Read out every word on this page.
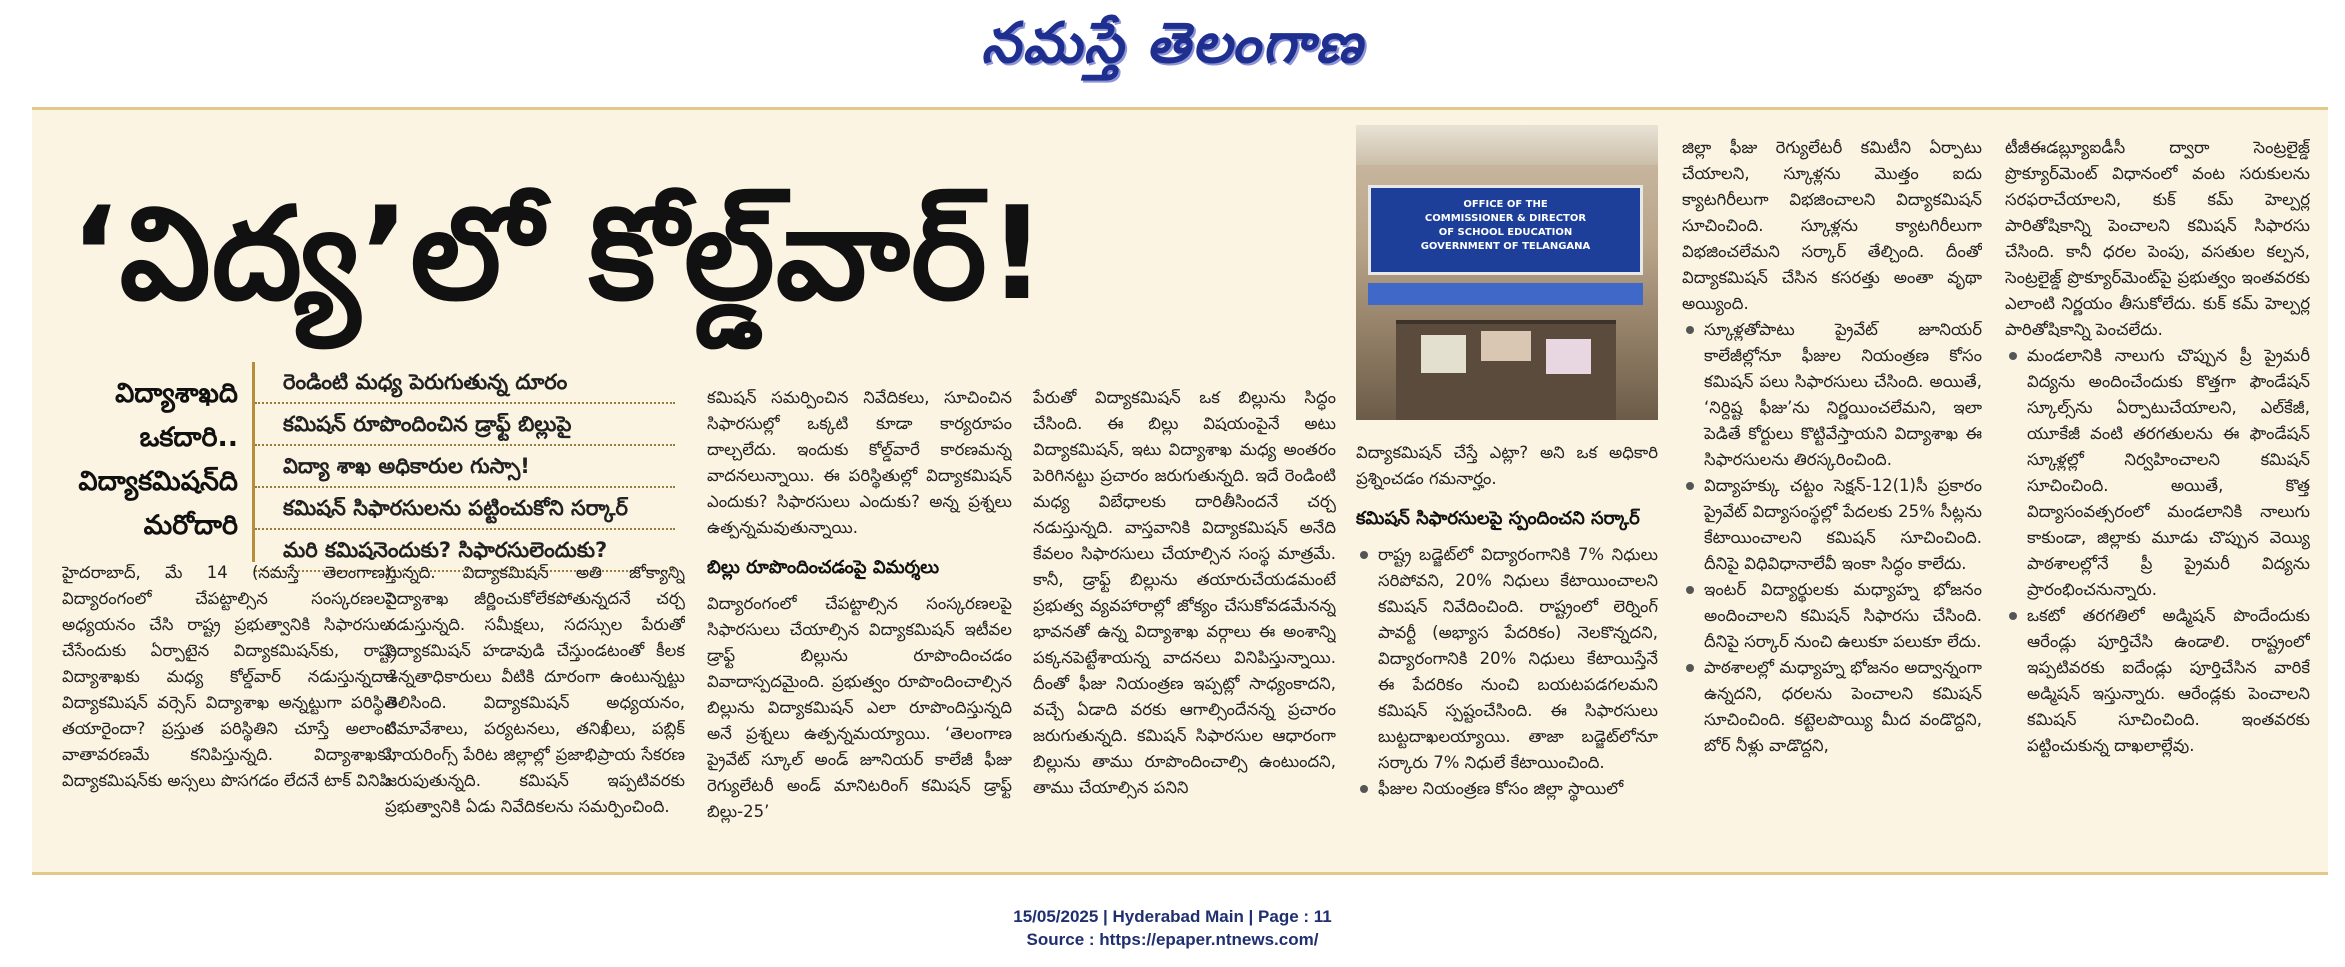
నమస్తే తెలంగాణ
‘విద్య’లో కోల్డ్‌వార్‌!
విద్యాశాఖది
ఒకదారి..
విద్యాకమిషన్‌ది
మరోదారి
రెండింటి మధ్య పెరుగుతున్న దూరం
కమిషన్‌ రూపొందించిన డ్రాఫ్ట్‌ బిల్లుపై
విద్యా శాఖ అధికారుల గుస్సా!
కమిషన్‌ సిఫారసులను పట్టించుకోని సర్కార్‌
మరి కమిషనెందుకు? సిఫారసులెందుకు?

హైదరాబాద్‌, మే 14 (నమస్తే తెలంగాణ): విద్యారంగంలో చేపట్టాల్సిన సంస్కరణలపై అధ్యయనం చేసి రాష్ట్ర ప్రభుత్వానికి సిఫారసులు చేసేందుకు ఏర్పాటైన విద్యాకమిషన్‌కు, రాష్ట్ర విద్యాశాఖకు మధ్య కోల్డ్‌వార్‌ నడుస్తున్నదా? విద్యాకమిషన్‌ వర్సెస్‌ విద్యాశాఖ అన్నట్టుగా పరిస్థితి తయారైందా? ప్రస్తుత పరిస్థితిని చూస్తే అలాంటి వాతావరణమే కనిపిస్తున్నది. విద్యాశాఖకు, విద్యాకమిషన్‌కు అస్సలు పొసగడం లేదనే టాక్‌ వినిపి

స్తున్నది. విద్యాకమిషన్‌ అతి జోక్యాన్ని విద్యాశాఖ జీర్ణించుకోలేకపోతున్నదనే చర్చ నడుస్తున్నది. సమీక్షలు, సదస్సుల పేరుతో విద్యాకమిషన్‌ హడావుడి చేస్తుండటంతో కీలక ఉన్నతాధికారులు వీటికి దూరంగా ఉంటున్నట్టు తెలిసింది. విద్యాకమిషన్‌ అధ్యయనం, సమావేశాలు, పర్యటనలు, తనిఖీలు, పబ్లిక్‌ హియరింగ్స్‌ పేరిట జిల్లాల్లో ప్రజాభిప్రాయ సేకరణ జరుపుతున్నది. కమిషన్‌ ఇప్పటివరకు ప్రభుత్వానికి ఏడు నివేదికలను సమర్పించింది.

కమిషన్‌ సమర్పించిన నివేదికలు, సూచించిన సిఫారసుల్లో ఒక్కటి కూడా కార్యరూపం దాల్చలేదు. ఇందుకు కోల్డ్‌వారే కారణమన్న వాదనలున్నాయి. ఈ పరిస్థితుల్లో విద్యాకమిషన్‌ ఎందుకు? సిఫారసులు ఎందుకు? అన్న ప్రశ్నలు ఉత్పన్నమవుతున్నాయి.

బిల్లు రూపొందించడంపై విమర్శలు

విద్యారంగంలో చేపట్టాల్సిన సంస్కరణలపై సిఫారసులు చేయాల్సిన విద్యాకమిషన్‌ ఇటీవల డ్రాఫ్ట్‌ బిల్లును రూపొందించడం వివాదాస్పదమైంది. ప్రభుత్వం రూపొందించాల్సిన బిల్లును విద్యాకమిషన్‌ ఎలా రూపొందిస్తున్నది అనే ప్రశ్నలు ఉత్పన్నమయ్యాయి. ‘తెలంగాణ ప్రైవేట్‌ స్కూల్‌ అండ్‌ జూనియర్‌ కాలేజీ ఫీజు రెగ్యులేటరీ అండ్‌ మానిటరింగ్‌ కమిషన్‌ డ్రాఫ్ట్‌ బిల్లు-25’

పేరుతో విద్యాకమిషన్‌ ఒక బిల్లును సిద్ధం చేసింది. ఈ బిల్లు విషయంపైనే అటు విద్యాకమిషన్‌, ఇటు విద్యాశాఖ మధ్య అంతరం పెరిగినట్టు ప్రచారం జరుగుతున్నది. ఇదే రెండింటి మధ్య విబేధాలకు దారితీసిందనే చర్చ నడుస్తున్నది. వాస్తవానికి విద్యాకమిషన్‌ అనేది కేవలం సిఫారసులు చేయాల్సిన సంస్థ మాత్రమే. కానీ, డ్రాఫ్ట్‌ బిల్లును తయారుచేయడమంటే ప్రభుత్వ వ్యవహారాల్లో జోక్యం చేసుకోవడమేనన్న భావనతో ఉన్న విద్యాశాఖ వర్గాలు ఈ అంశాన్ని పక్కనపెట్టేశాయన్న వాదనలు వినిపిస్తున్నాయి. దీంతో ఫీజు నియంత్రణ ఇప్పట్లో సాధ్యంకాదని, వచ్చే ఏడాది వరకు ఆగాల్సిందేనన్న ప్రచారం జరుగుతున్నది. కమిషన్‌ సిఫారసుల ఆధారంగా బిల్లును తాము రూపొందించాల్సి ఉంటుందని, తాము చేయాల్సిన పనిని

OFFICE OF THE
COMMISSIONER & DIRECTOR
OF SCHOOL EDUCATION
GOVERNMENT OF TELANGANA

విద్యాకమిషన్‌ చేస్తే ఎట్లా? అని ఒక అధికారి ప్రశ్నించడం గమనార్హం.

కమిషన్‌ సిఫారసులపై స్పందించని సర్కార్‌

రాష్ట్ర బడ్జెట్‌లో విద్యారంగానికి 7% నిధులు సరిపోవని, 20% నిధులు కేటాయించాలని కమిషన్‌ నివేదించింది. రాష్ట్రంలో లెర్నింగ్‌ పావర్టీ (అభ్యాస పేదరికం) నెలకొన్నదని, విద్యారంగానికి 20% నిధులు కేటాయిస్తేనే ఈ పేదరికం నుంచి బయటపడగలమని కమిషన్‌ స్పష్టంచేసింది. ఈ సిఫారసులు బుట్టదాఖలయ్యాయి. తాజా బడ్జెట్‌లోనూ సర్కారు 7% నిధులే కేటాయించింది.

ఫీజుల నియంత్రణ కోసం జిల్లా స్థాయిలో

జిల్లా ఫీజు రెగ్యులేటరీ కమిటీని ఏర్పాటు చేయాలని, స్కూళ్లను మొత్తం ఐదు క్యాటగిరీలుగా విభజించాలని విద్యాకమిషన్‌ సూచించింది. స్కూళ్లను క్యాటగిరీలుగా విభజించలేమని సర్కార్‌ తేల్చింది. దీంతో విద్యాకమిషన్‌ చేసిన కసరత్తు అంతా వృథా అయ్యింది.

స్కూళ్లతోపాటు ప్రైవేట్‌ జూనియర్‌ కాలేజీల్లోనూ ఫీజుల నియంత్రణ కోసం కమిషన్‌ పలు సిఫారసులు చేసింది. అయితే, ‘నిర్దిష్ట ఫీజు’ను నిర్ణయించలేమని, ఇలా పెడితే కోర్టులు కొట్టివేస్తాయని విద్యాశాఖ ఈ సిఫారసులను తిరస్కరించింది.

విద్యాహక్కు చట్టం సెక్షన్‌-12(1)సీ ప్రకారం ప్రైవేట్‌ విద్యాసంస్థల్లో పేదలకు 25% సీట్లను కేటాయించాలని కమిషన్‌ సూచించింది. దీనిపై విధివిధానాలేవీ ఇంకా సిద్ధం కాలేదు.

ఇంటర్‌ విద్యార్థులకు మధ్యాహ్న భోజనం అందించాలని కమిషన్‌ సిఫారసు చేసింది. దీనిపై సర్కార్‌ నుంచి ఉలుకూ పలుకూ లేదు.

పాఠశాలల్లో మధ్యాహ్న భోజనం అద్వాన్నంగా ఉన్నదని, ధరలను పెంచాలని కమిషన్‌ సూచించింది. కట్టెలపొయ్యి మీద వండొద్దని, బోర్‌ నీళ్లు వాడొద్దని,

టీజీఈడబ్ల్యూఐడీసీ ద్వారా సెంట్రలైజ్డ్‌ ప్రొక్యూర్‌మెంట్‌ విధానంలో వంట సరుకులను సరఫరాచేయాలని, కుక్‌ కమ్‌ హెల్పర్ల పారితోషికాన్ని పెంచాలని కమిషన్‌ సిఫారసు చేసింది. కానీ ధరల పెంపు, వసతుల కల్పన, సెంట్రలైజ్డ్‌ ప్రొక్యూర్‌మెంట్‌పై ప్రభుత్వం ఇంతవరకు ఎలాంటి నిర్ణయం తీసుకోలేదు. కుక్‌ కమ్‌ హెల్పర్ల పారితోషికాన్ని పెంచలేదు.

మండలానికి నాలుగు చొప్పున ప్రీ ప్రైమరీ విద్యను అందించేందుకు కొత్తగా ఫౌండేషన్‌ స్కూల్స్‌ను ఏర్పాటుచేయాలని, ఎల్‌కేజీ, యూకేజీ వంటి తరగతులను ఈ ఫౌండేషన్‌ స్కూళ్లల్లో నిర్వహించాలని కమిషన్‌ సూచించింది. అయితే, కొత్త విద్యాసంవత్సరంలో మండలానికి నాలుగు కాకుండా, జిల్లాకు మూడు చొప్పున వెయ్యి పాఠశాలల్లోనే ప్రీ ప్రైమరీ విద్యను ప్రారంభించనున్నారు.

ఒకటో తరగతిలో అడ్మిషన్‌ పొందేందుకు ఆరేండ్లు పూర్తిచేసి ఉండాలి. రాష్ట్రంలో ఇప్పటివరకు ఐదేండ్లు పూర్తిచేసిన వారికే అడ్మిషన్‌ ఇస్తున్నారు. ఆరేండ్లకు పెంచాలని కమిషన్‌ సూచించింది. ఇంతవరకు పట్టించుకున్న దాఖలాల్లేవు.

15/05/2025 | Hyderabad Main | Page : 11
Source : https://epaper.ntnews.com/
